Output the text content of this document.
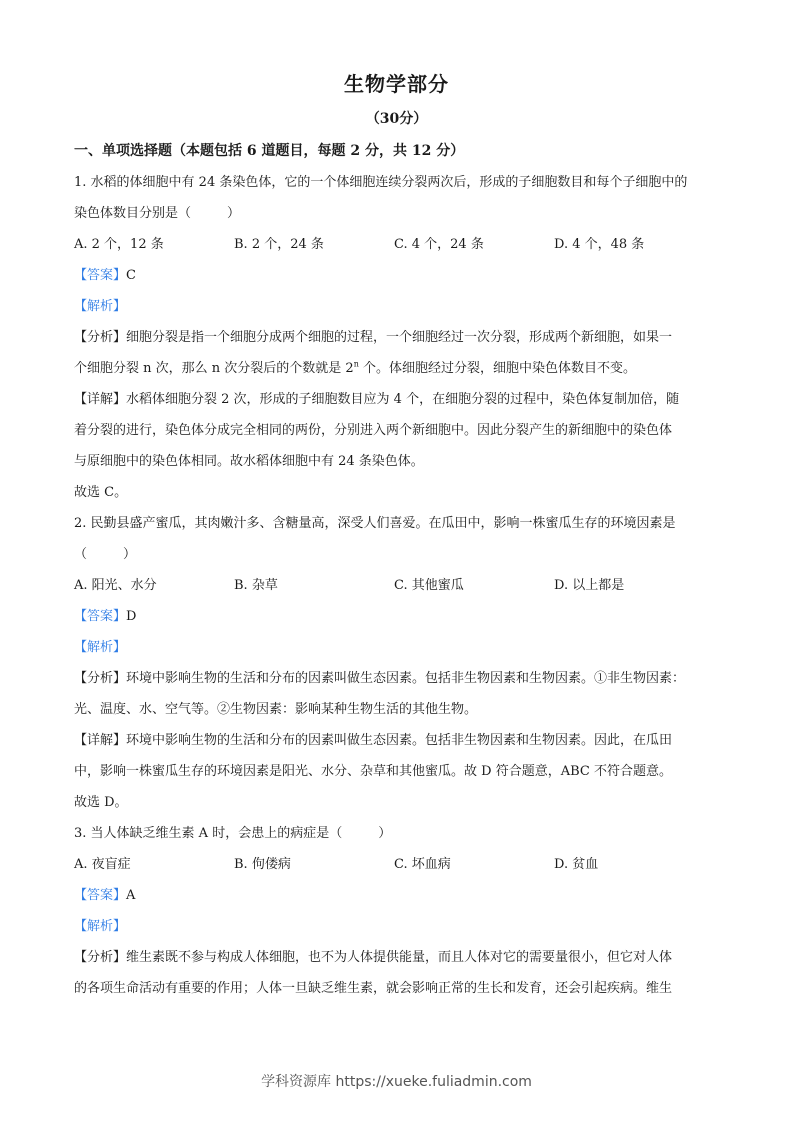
生物学部分
（30分）
一、单项选择题（本题包括 6 道题目，每题 2 分，共 12 分）
1. 水稻的体细胞中有 24 条染色体，它的一个体细胞连续分裂两次后，形成的子细胞数目和每个子细胞中的
染色体数目分别是（	）
A. 2 个，12 条	B. 2 个，24 条	C. 4 个，24 条	D. 4 个，48 条
【答案】C
【解析】
【分析】细胞分裂是指一个细胞分成两个细胞的过程，一个细胞经过一次分裂，形成两个新细胞，如果一
个细胞分裂 n 次，那么 n 次分裂后的个数就是 2$^n$ 个。体细胞经过分裂，细胞中染色体数目不变。
【详解】水稻体细胞分裂 2 次，形成的子细胞数目应为 4 个，在细胞分裂的过程中，染色体复制加倍，随
着分裂的进行，染色体分成完全相同的两份，分别进入两个新细胞中。因此分裂产生的新细胞中的染色体
与原细胞中的染色体相同。故水稻体细胞中有 24 条染色体。
故选 C。
2. 民勤县盛产蜜瓜，其肉嫩汁多、含糖量高，深受人们喜爱。在瓜田中，影响一株蜜瓜生存的环境因素是
（	）
A. 阳光、水分	B. 杂草	C. 其他蜜瓜	D. 以上都是
【答案】D
【解析】
【分析】环境中影响生物的生活和分布的因素叫做生态因素。包括非生物因素和生物因素。①非生物因素：
光、温度、水、空气等。②生物因素：影响某种生物生活的其他生物。
【详解】环境中影响生物的生活和分布的因素叫做生态因素。包括非生物因素和生物因素。因此，在瓜田
中，影响一株蜜瓜生存的环境因素是阳光、水分、杂草和其他蜜瓜。故 D 符合题意，ABC 不符合题意。
故选 D。
3. 当人体缺乏维生素 A 时，会患上的病症是（	）
A. 夜盲症	B. 佝偻病	C. 坏血病	D. 贫血
【答案】A
【解析】
【分析】维生素既不参与构成人体细胞，也不为人体提供能量，而且人体对它的需要量很小，但它对人体
的各项生命活动有重要的作用；人体一旦缺乏维生素，就会影响正常的生长和发育，还会引起疾病。维生
学科资源库 https://xueke.fuliadmin.com
